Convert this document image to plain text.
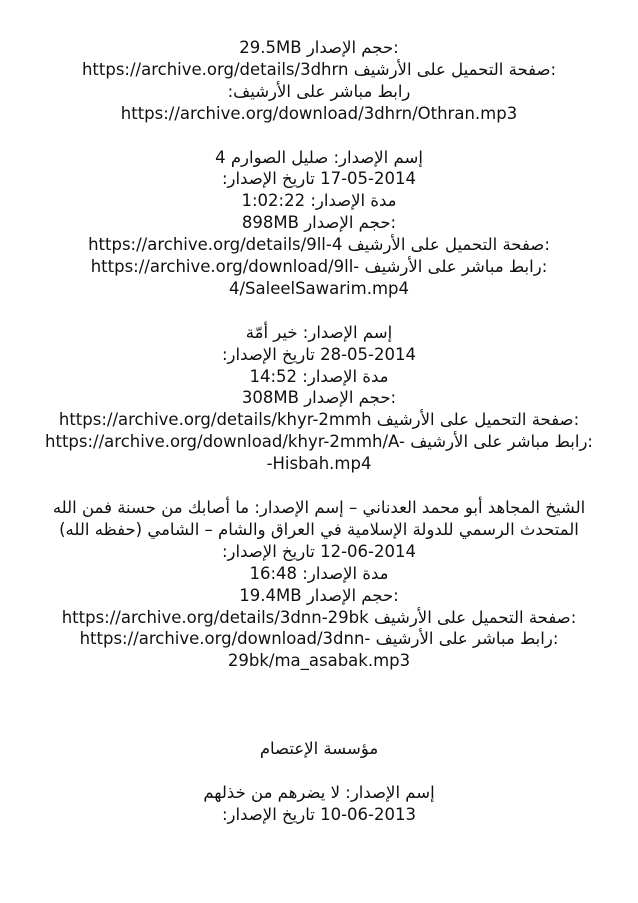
29.5MB حجم الإصدار:
https://archive.org/details/3dhrn صفحة التحميل على الأرشيف:
رابط مباشر على الأرشيف:
https://archive.org/download/3dhrn/Othran.mp3
إسم الإصدار: صليل الصوارم 4
17-05-2014 تاريخ الإصدار:
مدة الإصدار: 1:02:22
898MB حجم الإصدار:
https://archive.org/details/9ll-4 صفحة التحميل على الأرشيف:
https://archive.org/download/9ll- رابط مباشر على الأرشيف:
4/SaleelSawarim.mp4
إسم الإصدار: خير أمّة
28-05-2014 تاريخ الإصدار:
مدة الإصدار: 14:52
308MB حجم الإصدار:
https://archive.org/details/khyr-2mmh صفحة التحميل على الأرشيف:
https://archive.org/download/khyr-2mmh/A- رابط مباشر على الأرشيف:
-Hisbah.mp4
الشيخ المجاهد أبو محمد العدناني – إسم الإصدار: ما أصابك من حسنة فمن الله
المتحدث الرسمي للدولة الإسلامية في العراق والشام – الشامي (حفظه الله)
12-06-2014 تاريخ الإصدار:
مدة الإصدار: 16:48
19.4MB حجم الإصدار:
https://archive.org/details/3dnn-29bk صفحة التحميل على الأرشيف:
https://archive.org/download/3dnn- رابط مباشر على الأرشيف:
29bk/ma_asabak.mp3
مؤسسة الإعتصام
إسم الإصدار: لا يضرهم من خذلهم
10-06-2013 تاريخ الإصدار:
